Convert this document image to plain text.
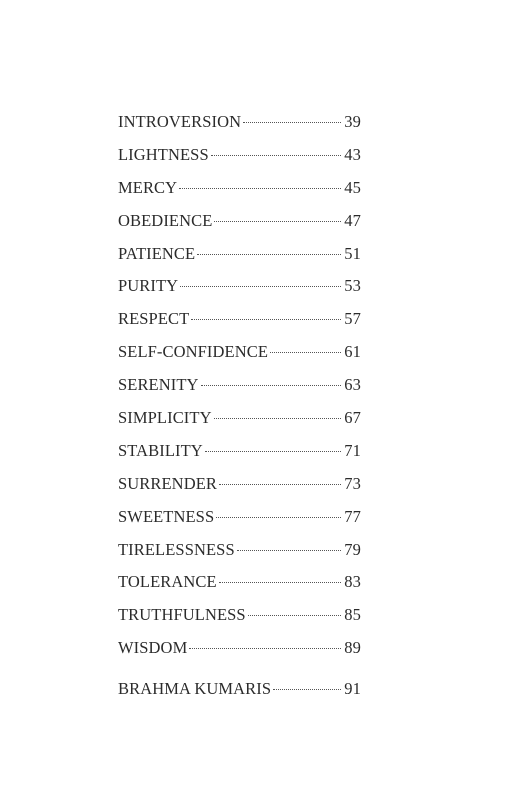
INTROVERSION	39
LIGHTNESS	43
MERCY	45
OBEDIENCE	47
PATIENCE	51
PURITY	53
RESPECT	57
SELF-CONFIDENCE	61
SERENITY	63
SIMPLICITY	67
STABILITY	71
SURRENDER	73
SWEETNESS	77
TIRELESSNESS	79
TOLERANCE	83
TRUTHFULNESS	85
WISDOM	89
BRAHMA KUMARIS	91
